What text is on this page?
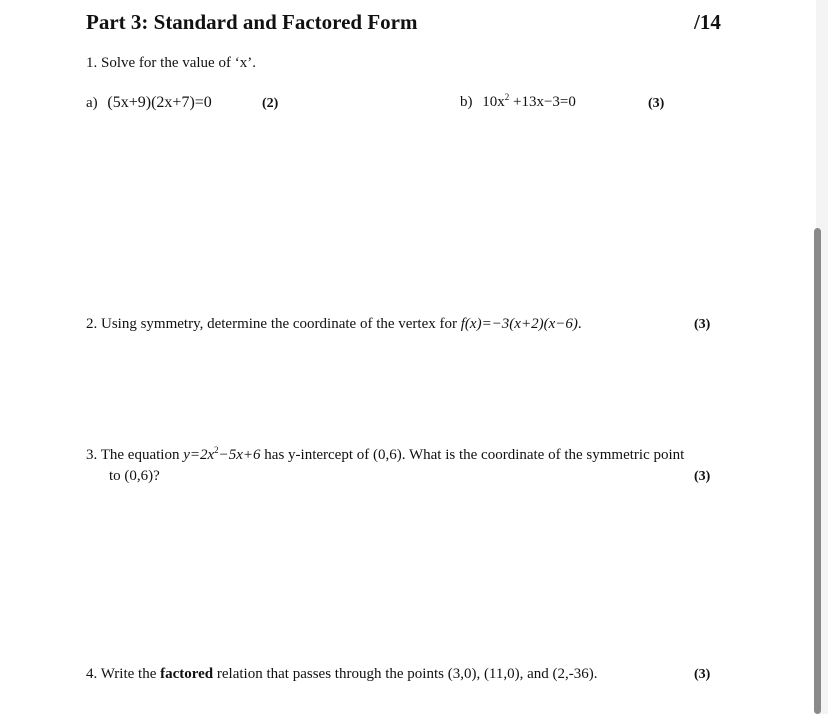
Part 3: Standard and Factored Form	/14
1. Solve for the value of ‘x’.
a) (5x+9)(2x+7)=0	(2)	b) $10x^2 +13x-3=0$	(3)
2. Using symmetry, determine the coordinate of the vertex for f(x)=−3(x+2)(x−6).	(3)
3. The equation $y=2x^2-5x+6$ has y-intercept of (0,6). What is the coordinate of the symmetric point
to (0,6)?	(3)
4. Write the factored relation that passes through the points (3,0), (11,0), and (2,-36).	(3)
